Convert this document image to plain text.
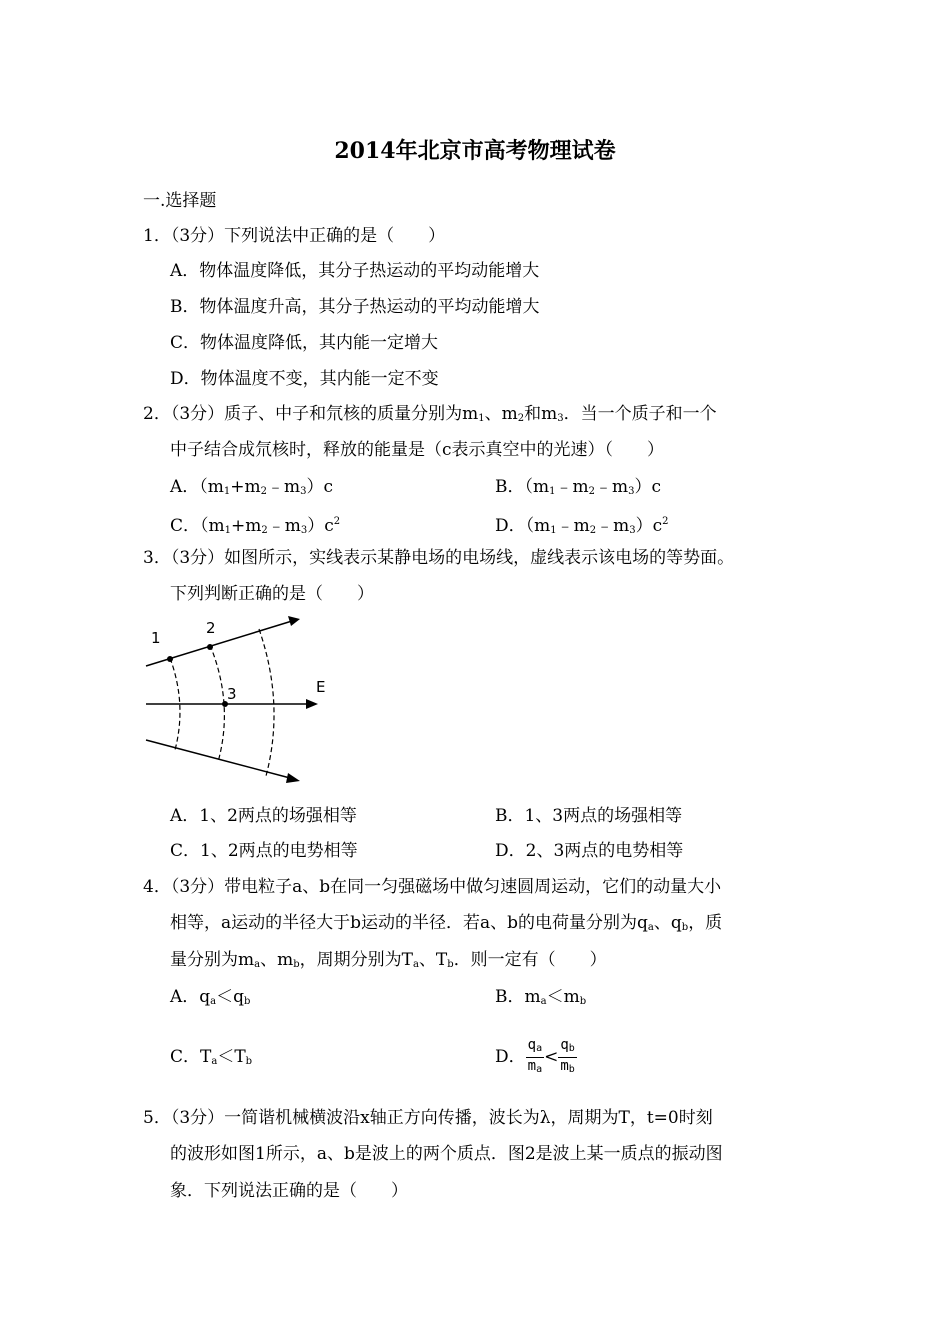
2014年北京市高考物理试卷
一.选择题
1．（3分）下列说法中正确的是（　　）
A．物体温度降低，其分子热运动的平均动能增大
B．物体温度升高，其分子热运动的平均动能增大
C．物体温度降低，其内能一定增大
D．物体温度不变，其内能一定不变
2．（3分）质子、中子和氘核的质量分别为$m_1$、$m_2$和$m_3$．当一个质子和一个
中子结合成氘核时，释放的能量是（c表示真空中的光速）（　　）
A．$(m_1+m_2﹣m_3)c$	B．$(m_1﹣m_2﹣m_3)c$
C．$(m_1+m_2﹣m_3)c^2$	D．$(m_1﹣m_2﹣m_3)c^2$
3．（3分）如图所示，实线表示某静电场的电场线，虚线表示该电场的等势面。
下列判断正确的是（　　）
1
2
3	E
A．1、2两点的场强相等	B．1、3两点的场强相等
C．1、2两点的电势相等	D．2、3两点的电势相等
4．（3分）带电粒子a、b在同一匀强磁场中做匀速圆周运动，它们的动量大小
相等，a运动的半径大于b运动的半径．若a、b的电荷量分别为$q_a$、$q_b$，质
量分别为$m_a$、$m_b$，周期分别为$T_a$、$T_b$．则一定有（　　）
A．$q_a<q_b$	B．$m_a<m_b$
C．$T_a<T_b$	D． $\frac{q_a}{m_a} < \frac{q_b}{m_b}$
5．（3分）一简谐机械横波沿x轴正方向传播，波长为λ，周期为T，t=0时刻
的波形如图1所示，a、b是波上的两个质点．图2是波上某一质点的振动图
象．下列说法正确的是（　　）
